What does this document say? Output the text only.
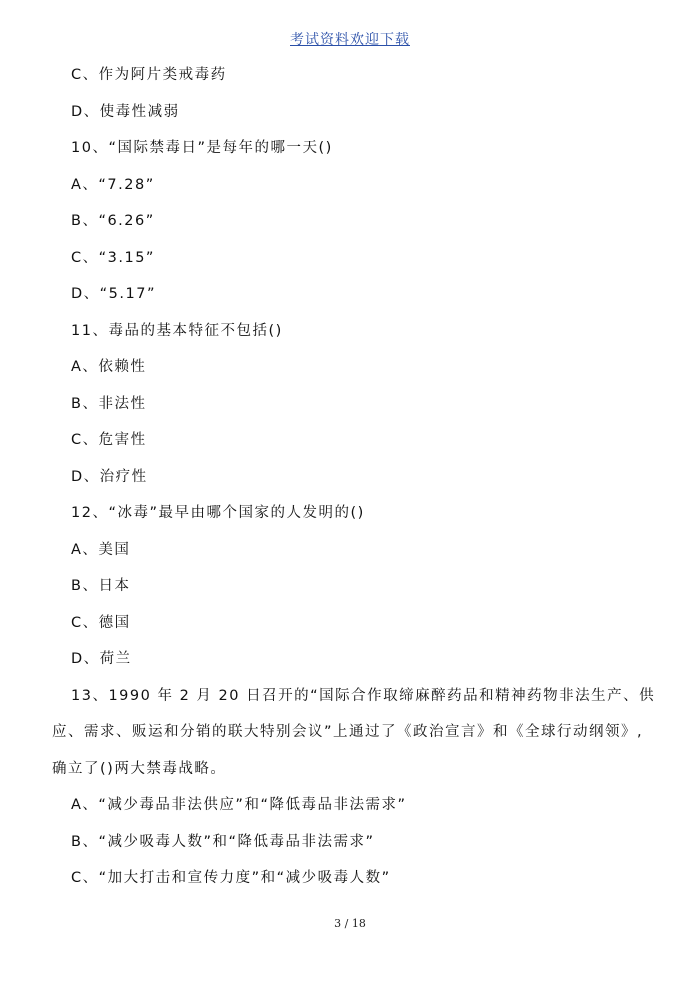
考试资料欢迎下载
C、作为阿片类戒毒药
D、使毒性减弱
10、“国际禁毒日”是每年的哪一天()
A、“7.28”
B、“6.26”
C、“3.15”
D、“5.17”
11、毒品的基本特征不包括()
A、依赖性
B、非法性
C、危害性
D、治疗性
12、“冰毒”最早由哪个国家的人发明的()
A、美国
B、日本
C、德国
D、荷兰
13、1990 年 2 月 20 日召开的“国际合作取缔麻醉药品和精神药物非法生产、供
应、需求、贩运和分销的联大特别会议”上通过了《政治宣言》和《全球行动纲领》,
确立了()两大禁毒战略。
A、“减少毒品非法供应”和“降低毒品非法需求”
B、“减少吸毒人数”和“降低毒品非法需求”
C、“加大打击和宣传力度”和“减少吸毒人数”
3 / 18
